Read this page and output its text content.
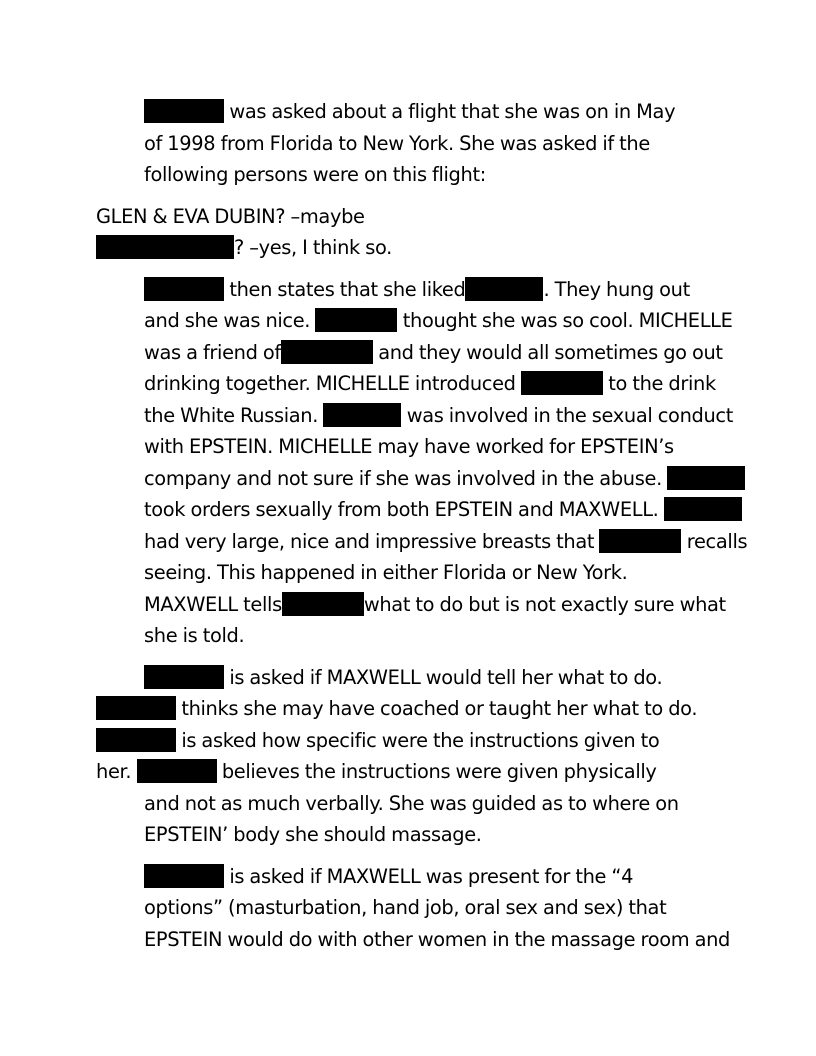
was asked about a flight that she was on in May
of 1998 from Florida to New York. She was asked if the
following persons were on this flight:

GLEN & EVA DUBIN? –maybe
? –yes, I think so.

then states that she liked	. They hung out
and she was nice.	thought she was so cool. MICHELLE
was a friend of	and they would all sometimes go out
drinking together. MICHELLE introduced	to the drink
the White Russian.	was involved in the sexual conduct
with EPSTEIN. MICHELLE may have worked for EPSTEIN’s
company and not sure if she was involved in the abuse.
took orders sexually from both EPSTEIN and MAXWELL.
had very large, nice and impressive breasts that	recalls
seeing. This happened in either Florida or New York.
MAXWELL tells	what to do but is not exactly sure what
she is told.

is asked if MAXWELL would tell her what to do.
thinks she may have coached or taught her what to do.
is asked how specific were the instructions given to
her.	believes the instructions were given physically
and not as much verbally. She was guided as to where on
EPSTEIN’ body she should massage.

is asked if MAXWELL was present for the “4
options” (masturbation, hand job, oral sex and sex) that
EPSTEIN would do with other women in the massage room and
